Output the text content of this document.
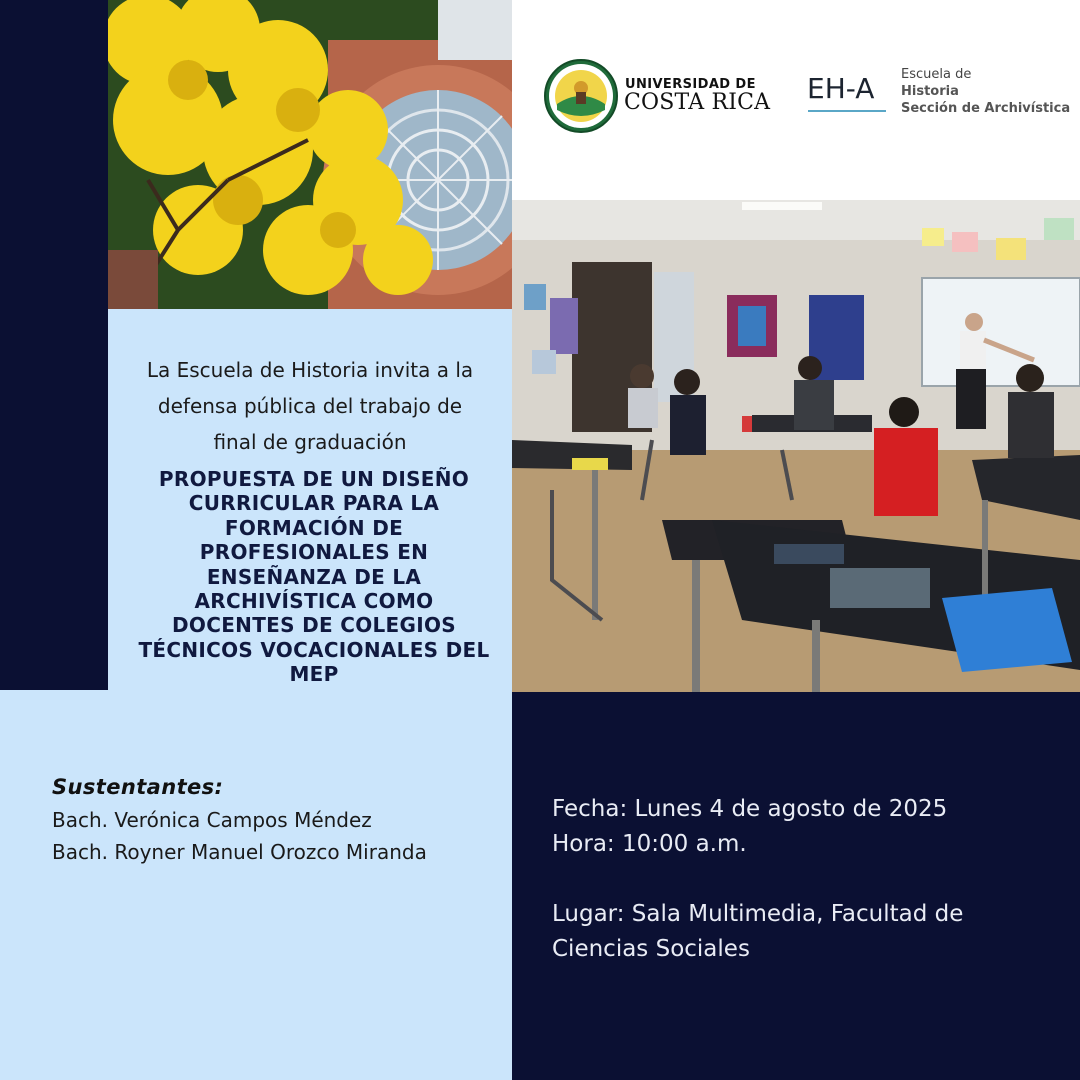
UNIVERSIDAD DE
COSTA RICA EH-A Escuela de
Historia
Sección de Archivística
La Escuela de Historia invita a la
defensa pública del trabajo de
final de graduación
PROPUESTA DE UN DISEÑO
CURRICULAR PARA LA
FORMACIÓN DE
PROFESIONALES EN
ENSEÑANZA DE LA
ARCHIVÍSTICA COMO
DOCENTES DE COLEGIOS
TÉCNICOS VOCACIONALES DEL
MEP
Sustentantes:
Bach. Verónica Campos Méndez
Bach. Royner Manuel Orozco Miranda
Fecha: Lunes 4 de agosto de 2025
Hora: 10:00 a.m.
Lugar: Sala Multimedia, Facultad de
Ciencias Sociales
